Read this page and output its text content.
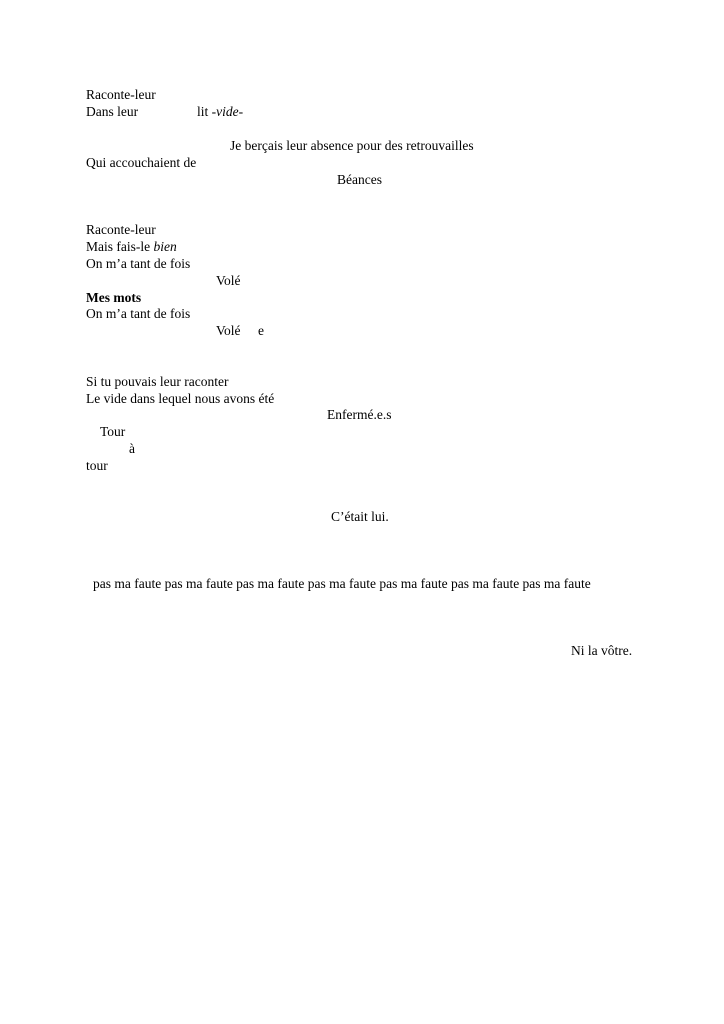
Raconte-leur
Dans leur	lit -vide-
Je berçais leur absence pour des retrouvailles
Qui accouchaient de
Béances
Raconte-leur
Mais fais-le bien
On m’a tant de fois
Volé
Mes mots
On m’a tant de fois
Volé e
Si tu pouvais leur raconter
Le vide dans lequel nous avons été
Enfermé.e.s
Tour
à
tour
C’était lui.
pas ma faute pas ma faute pas ma faute pas ma faute pas ma faute pas ma faute pas ma faute
Ni la vôtre.
